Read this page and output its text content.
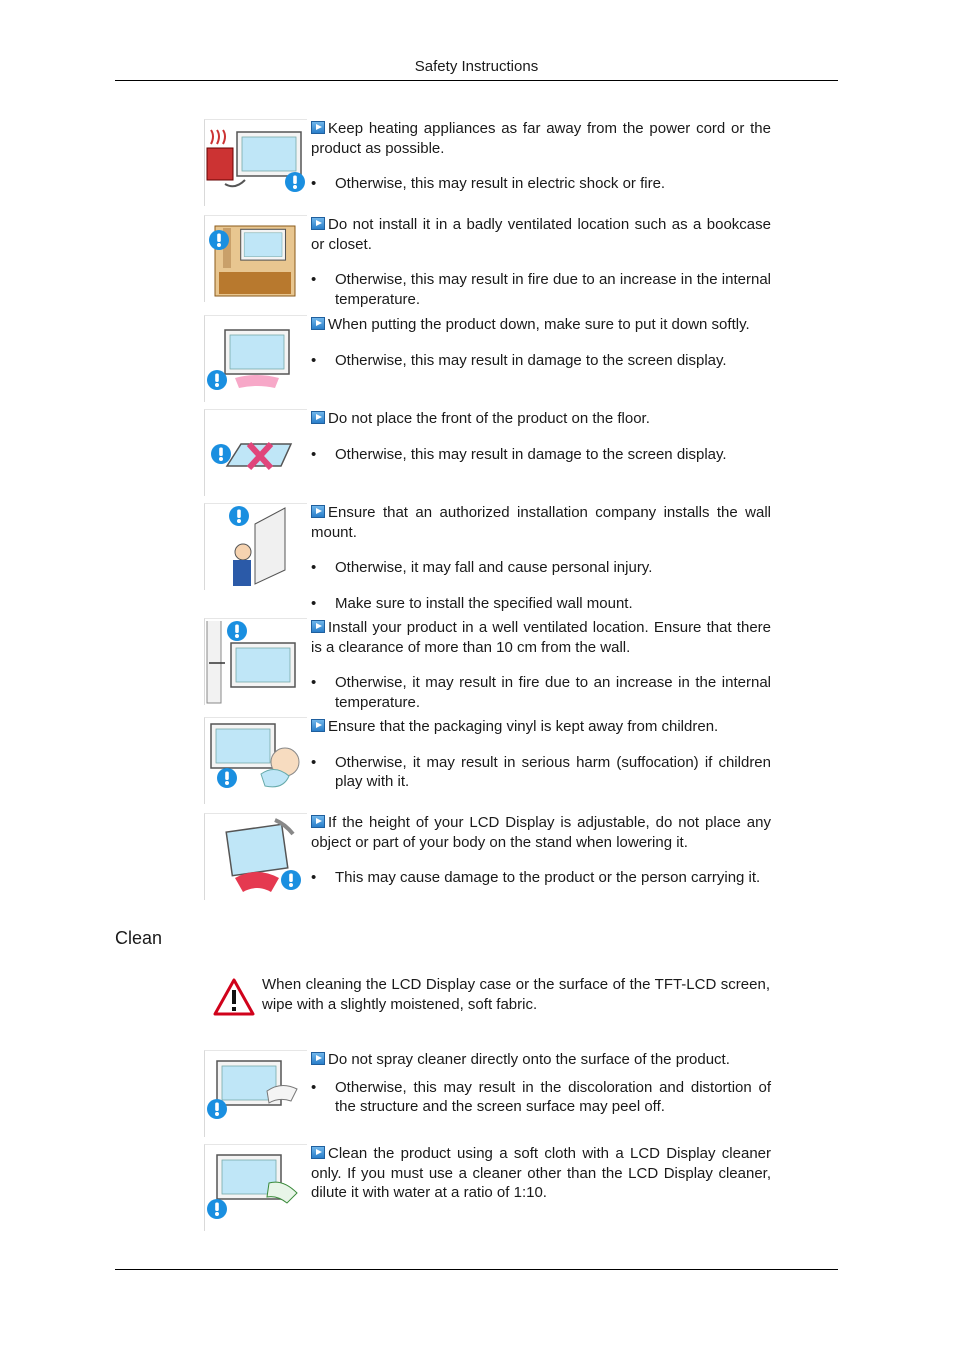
Safety Instructions

Keep heating appliances as far away from the power cord or the product as possible.

• Otherwise, this may result in electric shock or fire.

Do not install it in a badly ventilated location such as a bookcase or closet.

• Otherwise, this may result in fire due to an increase in the internal temperature.

When putting the product down, make sure to put it down softly.

• Otherwise, this may result in damage to the screen display.

Do not place the front of the product on the floor.

• Otherwise, this may result in damage to the screen display.

Ensure that an authorized installation company installs the wall mount.

• Otherwise, it may fall and cause personal injury.
• Make sure to install the specified wall mount.

Install your product in a well ventilated location. Ensure that there is a clearance of more than 10 cm from the wall.

• Otherwise, it may result in fire due to an increase in the internal temperature.

Ensure that the packaging vinyl is kept away from children.

• Otherwise, it may result in serious harm (suffocation) if children play with it.

If the height of your LCD Display is adjustable, do not place any object or part of your body on the stand when lowering it.

• This may cause damage to the product or the person carrying it.
Clean

When cleaning the LCD Display case or the surface of the TFT-LCD screen, wipe with a slightly moistened, soft fabric.

Do not spray cleaner directly onto the surface of the product.

• Otherwise, this may result in the discoloration and distortion of the structure and the screen surface may peel off.

Clean the product using a soft cloth with a LCD Display cleaner only. If you must use a cleaner other than the LCD Display cleaner, dilute it with water at a ratio of 1:10.
